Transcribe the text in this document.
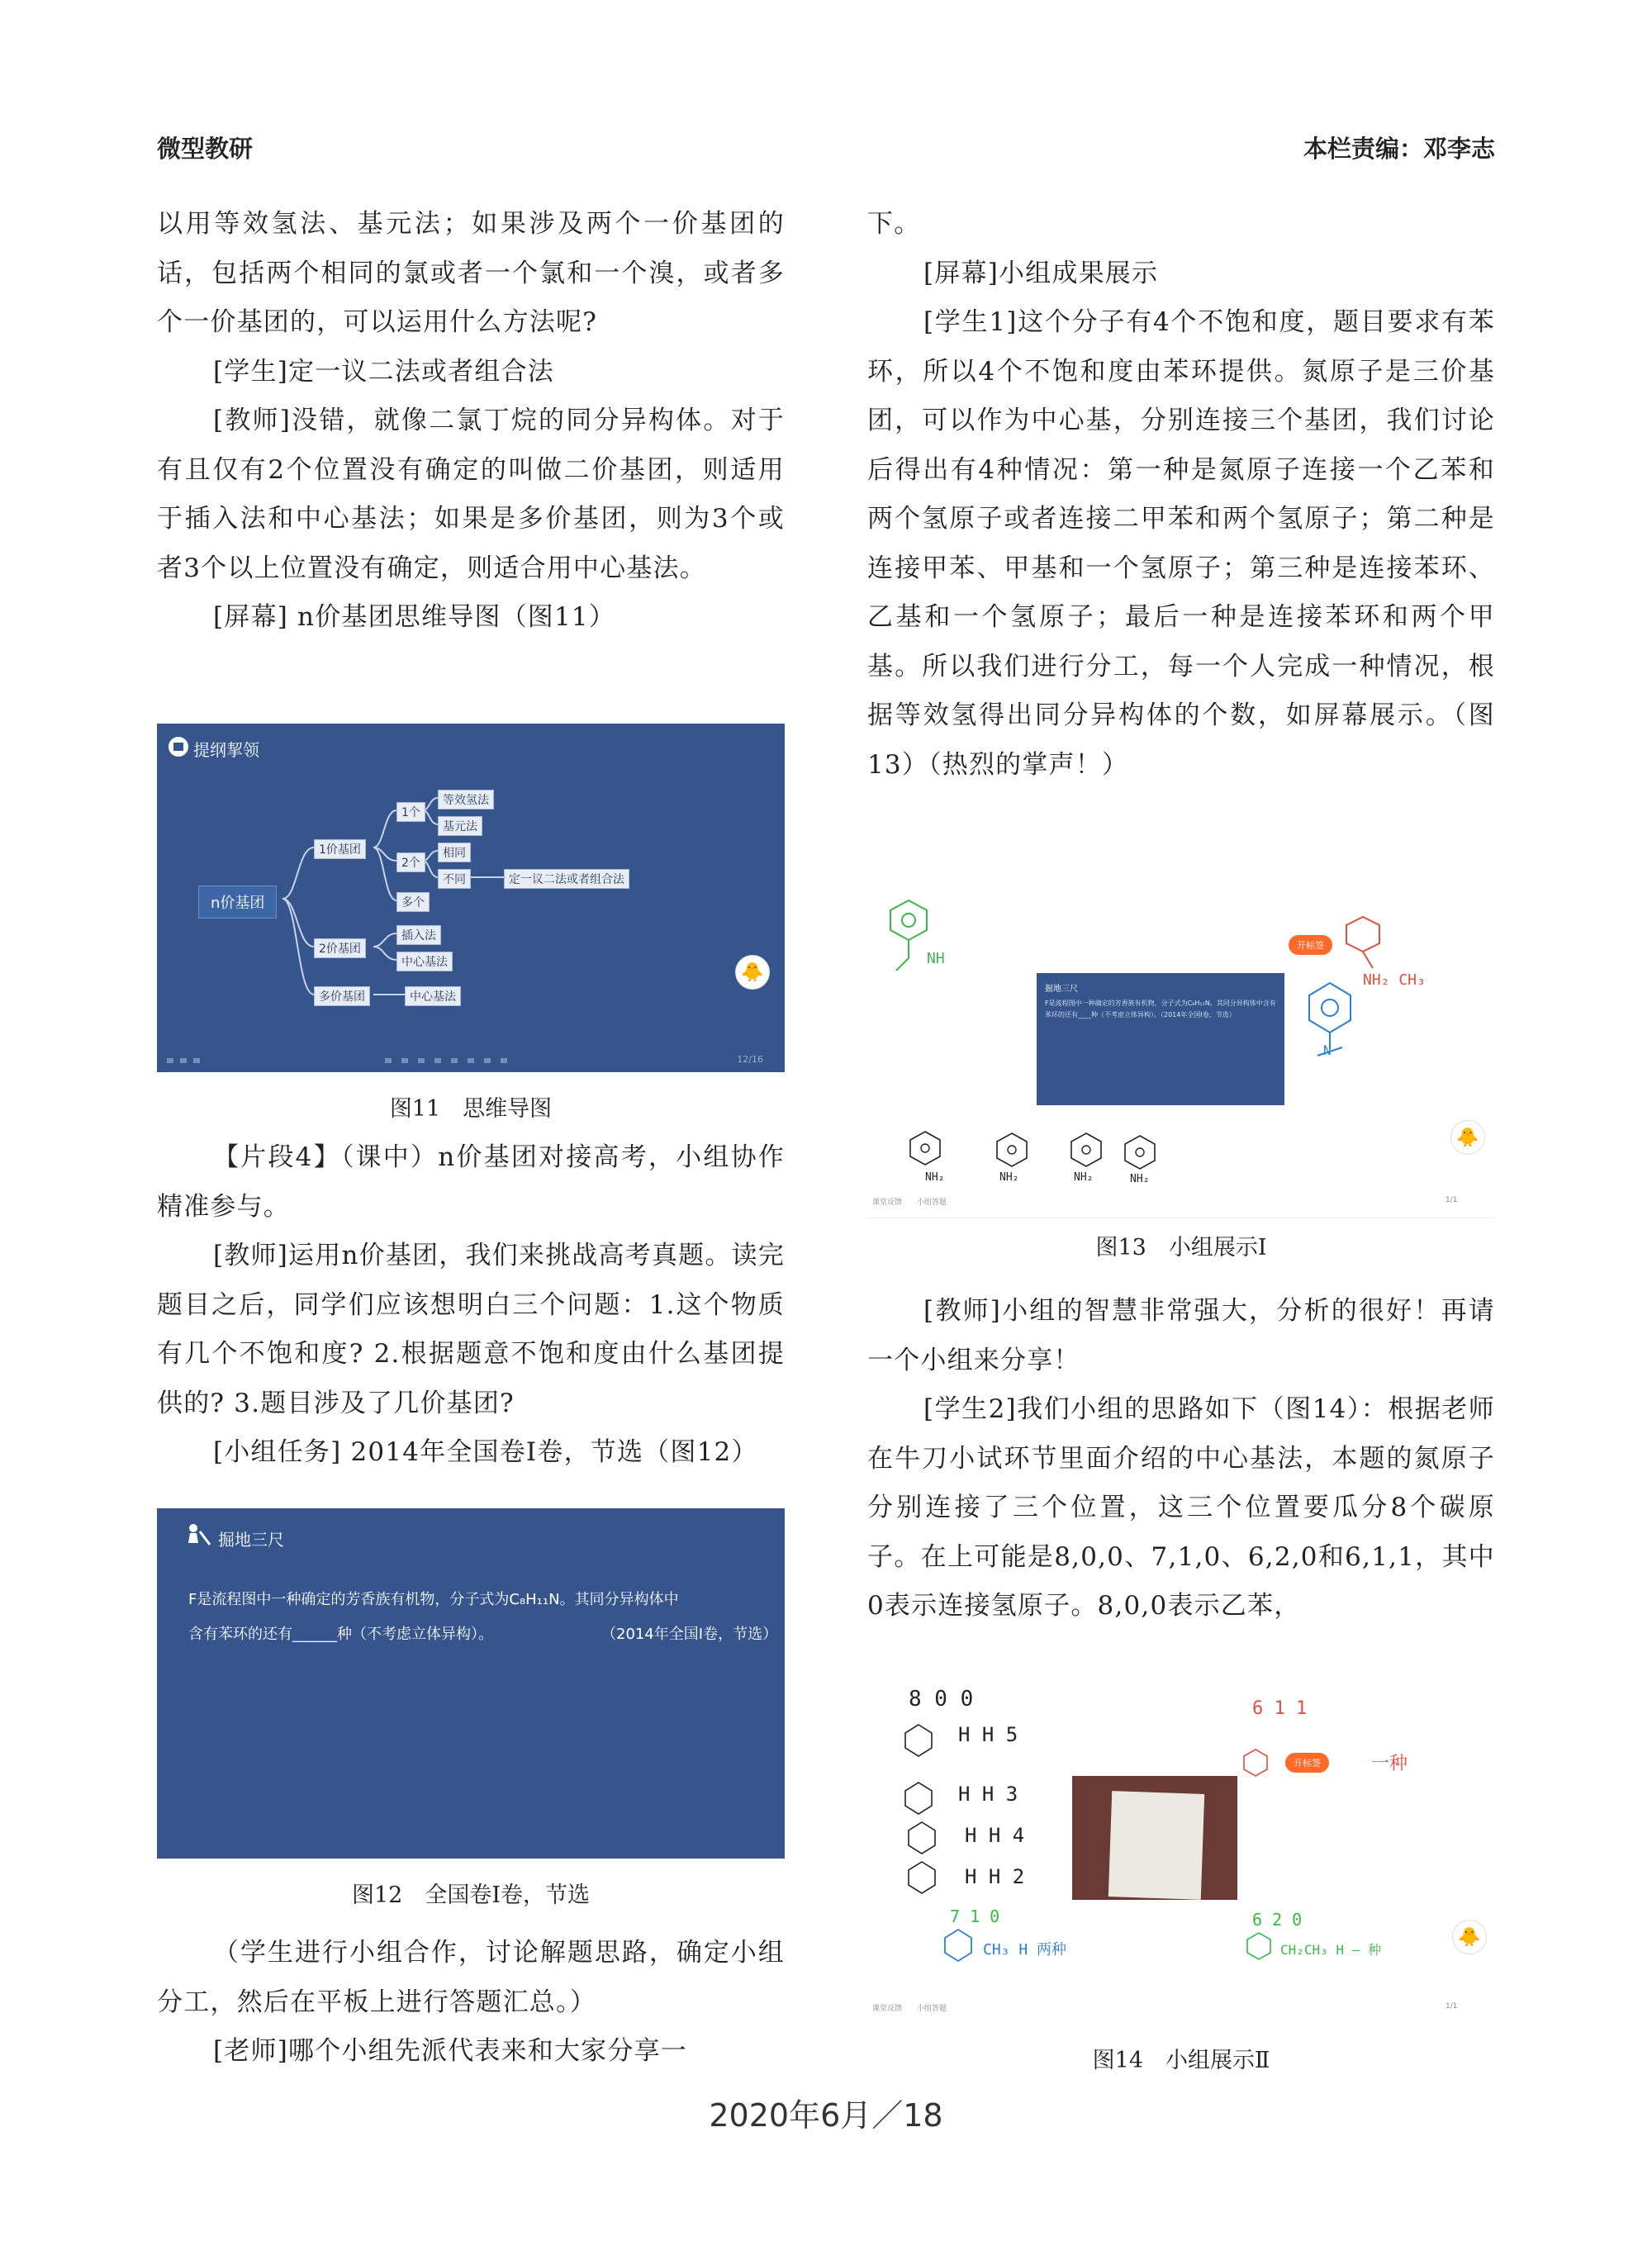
微型教研	本栏责编：邓李志

以用等效氢法、基元法；如果涉及两个一价基团的话，包括两个相同的氯或者一个氯和一个溴，或者多个一价基团的，可以运用什么方法呢?

[学生]定一议二法或者组合法

[教师]没错，就像二氯丁烷的同分异构体。对于有且仅有2个位置没有确定的叫做二价基团，则适用于插入法和中心基法；如果是多价基团，则为3个或者3个以上位置没有确定，则适合用中心基法。

[屏幕] n价基团思维导图（图11）

提纲挈领
n价基团
1价基团
2价基团
多价基团
1个
2个
多个
等效氢法
基元法
相同
不同	定一议二法或者组合法
插入法
中心基法
中心基法
🐥
12/16

图11　思维导图

【片段4】（课中）n价基团对接高考，小组协作精准参与。

[教师]运用n价基团，我们来挑战高考真题。读完题目之后，同学们应该想明白三个问题：1.这个物质有几个不饱和度? 2.根据题意不饱和度由什么基团提供的? 3.题目涉及了几价基团?

[小组任务] 2014年全国卷Ⅰ卷，节选（图12）

掘地三尺
F是流程图中一种确定的芳香族有机物，分子式为C₈H₁₁N。其同分异构体中
含有苯环的还有______种（不考虑立体异构）。	（2014年全国Ⅰ卷，节选）

图12　全国卷Ⅰ卷，节选

（学生进行小组合作，讨论解题思路，确定小组分工，然后在平板上进行答题汇总。）

[老师]哪个小组先派代表来和大家分享一

下。

[屏幕]小组成果展示

[学生1]这个分子有4个不饱和度，题目要求有苯环，所以4个不饱和度由苯环提供。氮原子是三价基团，可以作为中心基，分别连接三个基团，我们讨论后得出有4种情况：第一种是氮原子连接一个乙苯和两个氢原子或者连接二甲苯和两个氢原子；第二种是连接甲苯、甲基和一个氢原子；第三种是连接苯环、乙基和一个氢原子；最后一种是连接苯环和两个甲基。所以我们进行分工，每一个人完成一种情况，根据等效氢得出同分异构体的个数，如屏幕展示。（图13）（热烈的掌声！）

NH
NH₂ CH₃
N
NH₂	NH₂	NH₂	NH₂
开标签
掘地三尺
F是流程图中一种确定的芳香族有机物，分子式为C₈H₁₁N。其同分异构体中含有苯环的还有____种（不考虑立体异构）。（2014年全国Ⅰ卷，节选）
🐥
课堂反馈 小组答题	1/1

图13　小组展示Ⅰ

[教师]小组的智慧非常强大，分析的很好！再请一个小组来分享！

[学生2]我们小组的思路如下（图14）：根据老师在牛刀小试环节里面介绍的中心基法，本题的氮原子分别连接了三个位置，这三个位置要瓜分8个碳原子。在上可能是8,0,0、7,1,0、6,2,0和6,1,1，其中0表示连接氢原子。8,0,0表示乙苯，

8 0 0
H H 5
H H 3
H H 4
H H 2
7 1 0
CH₃ H 两种
6 1 1
一种
6 2 0
CH₂CH₃ H — 种
开标签
🐥
课堂反馈 小组答题	1/1

图14　小组展示Ⅱ

2020年6月／18
